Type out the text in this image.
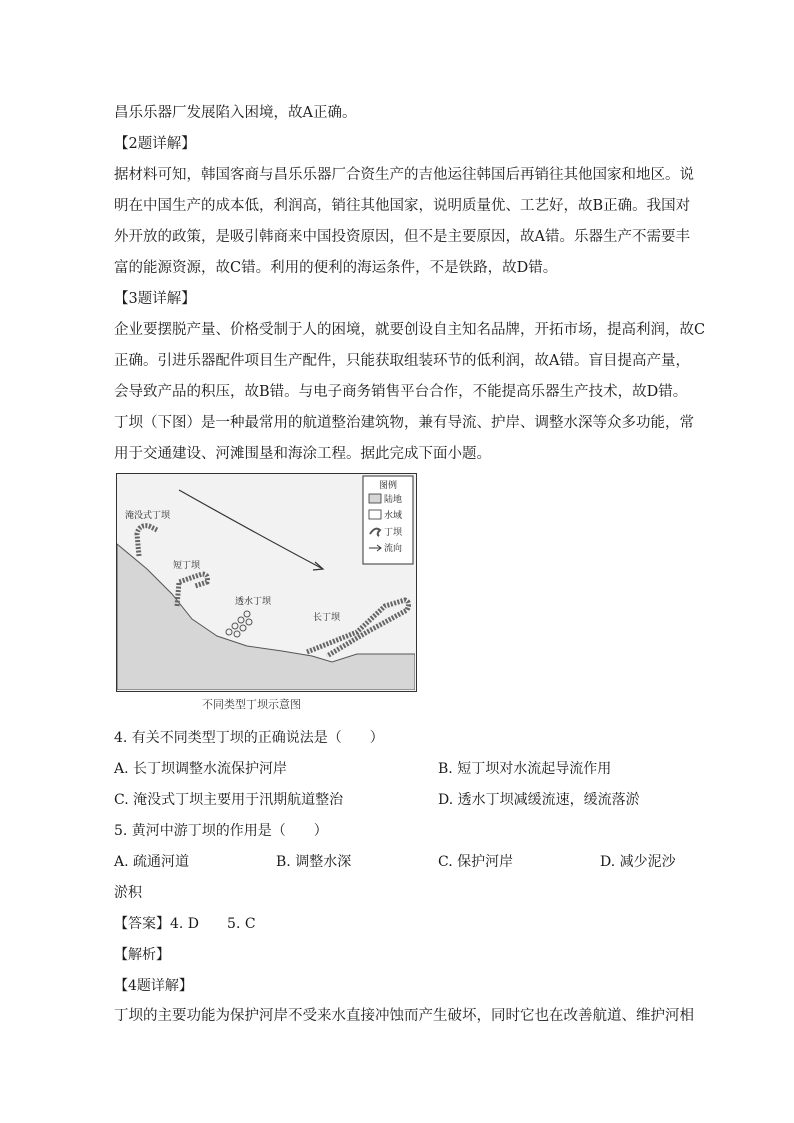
昌乐乐器厂发展陷入困境，故A正确。
【2题详解】
据材料可知，韩国客商与昌乐乐器厂合资生产的吉他运往韩国后再销往其他国家和地区。说
明在中国生产的成本低，利润高，销往其他国家，说明质量优、工艺好，故B正确。我国对
外开放的政策，是吸引韩商来中国投资原因，但不是主要原因，故A错。乐器生产不需要丰
富的能源资源，故C错。利用的便利的海运条件，不是铁路，故D错。
【3题详解】
企业要摆脱产量、价格受制于人的困境，就要创设自主知名品牌，开拓市场，提高利润，故C
正确。引进乐器配件项目生产配件，只能获取组装环节的低利润，故A错。盲目提高产量，
会导致产品的积压，故B错。与电子商务销售平台合作，不能提高乐器生产技术，故D错。
丁坝（下图）是一种最常用的航道整治建筑物，兼有导流、护岸、调整水深等众多功能，常
用于交通建设、河滩围垦和海涂工程。据此完成下面小题。
淹没式丁坝
短丁坝
透水丁坝
长丁坝
图例
陆地
水域
丁坝
流向
不同类型丁坝示意图
4. 有关不同类型丁坝的正确说法是（　　）
A. 长丁坝调整水流保护河岸	B. 短丁坝对水流起导流作用
C. 淹没式丁坝主要用于汛期航道整治	D. 透水丁坝减缓流速，缓流落淤
5. 黄河中游丁坝的作用是（　　）
A. 疏通河道	B. 调整水深	C. 保护河岸	D. 减少泥沙
淤积
【答案】4. D　　5. C
【解析】
【4题详解】
丁坝的主要功能为保护河岸不受来水直接冲蚀而产生破坏，同时它也在改善航道、维护河相
